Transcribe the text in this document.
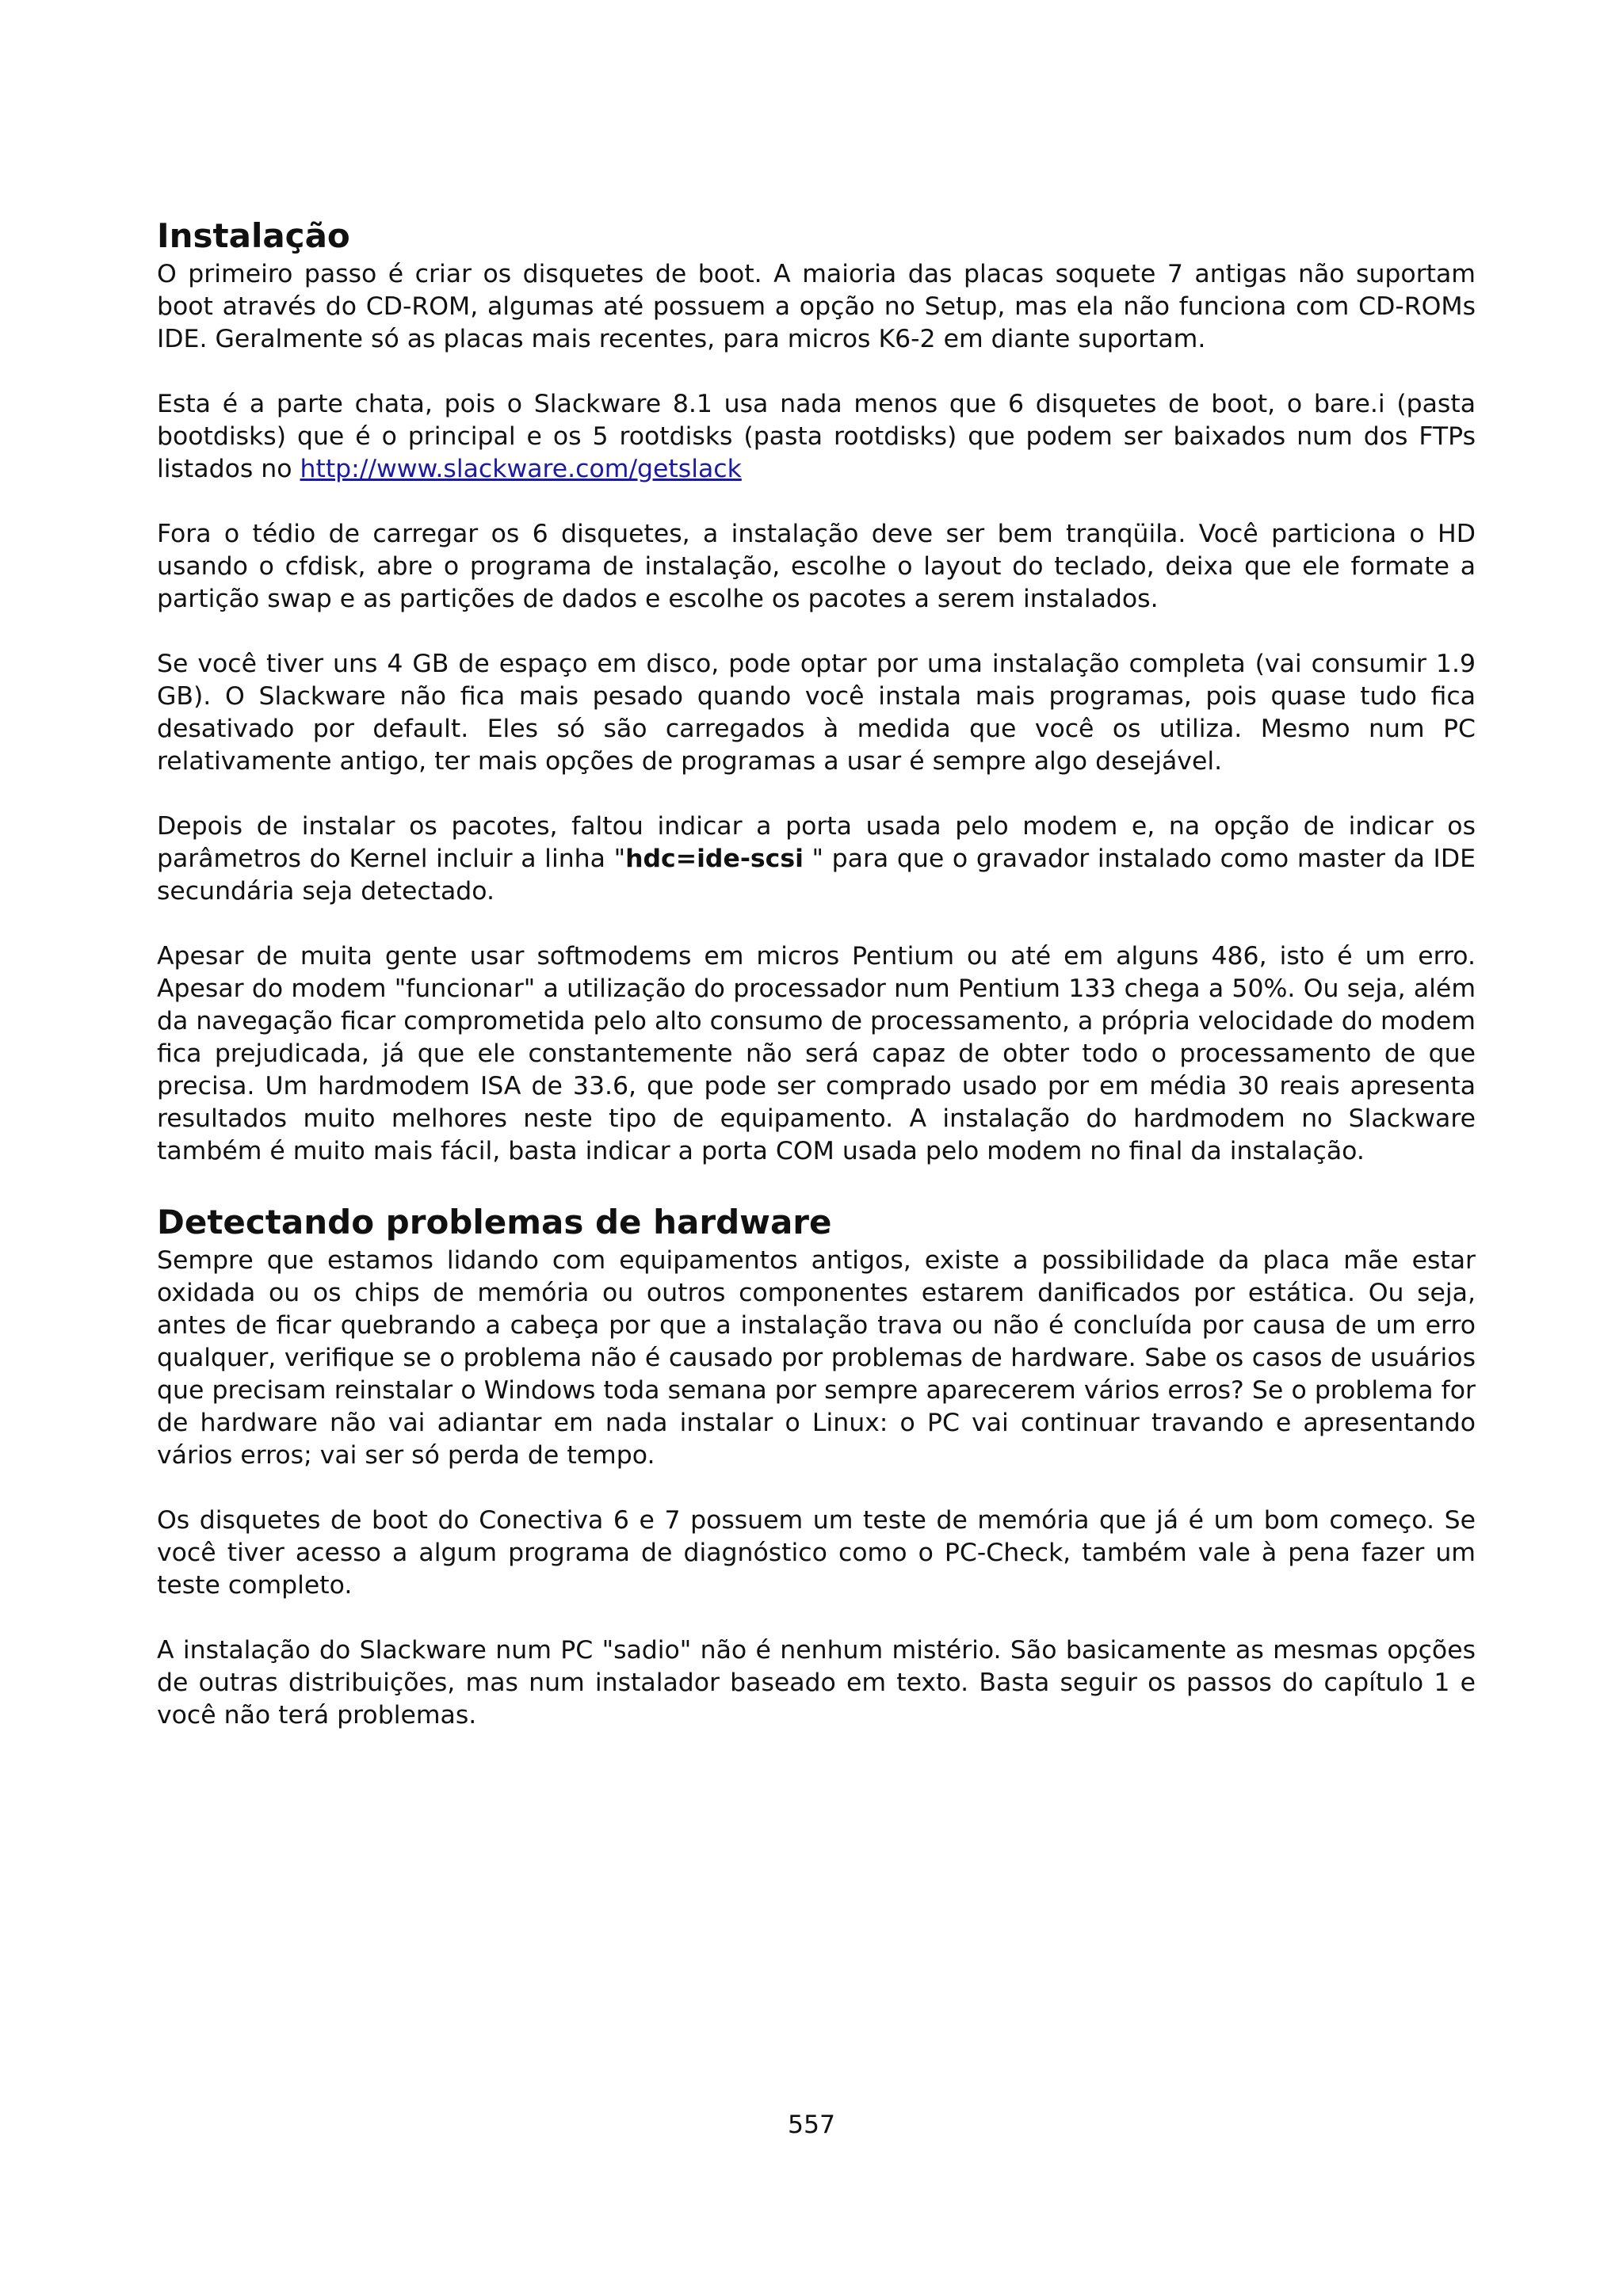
Instalação

O primeiro passo é criar os disquetes de boot. A maioria das placas soquete 7 antigas não suportam boot através do CD-ROM, algumas até possuem a opção no Setup, mas ela não funciona com CD-ROMs IDE. Geralmente só as placas mais recentes, para micros K6-2 em diante suportam.

Esta é a parte chata, pois o Slackware 8.1 usa nada menos que 6 disquetes de boot, o bare.i (pasta bootdisks) que é o principal e os 5 rootdisks (pasta rootdisks) que podem ser baixados num dos FTPs listados no http://www.slackware.com/getslack

Fora o tédio de carregar os 6 disquetes, a instalação deve ser bem tranqüila. Você particiona o HD usando o cfdisk, abre o programa de instalação, escolhe o layout do teclado, deixa que ele formate a partição swap e as partições de dados e escolhe os pacotes a serem instalados.

Se você tiver uns 4 GB de espaço em disco, pode optar por uma instalação completa (vai consumir 1.9 GB). O Slackware não fica mais pesado quando você instala mais programas, pois quase tudo fica desativado por default. Eles só são carregados à medida que você os utiliza. Mesmo num PC relativamente antigo, ter mais opções de programas a usar é sempre algo desejável.

Depois de instalar os pacotes, faltou indicar a porta usada pelo modem e, na opção de indicar os parâmetros do Kernel incluir a linha "hdc=ide-scsi " para que o gravador instalado como master da IDE secundária seja detectado.

Apesar de muita gente usar softmodems em micros Pentium ou até em alguns 486, isto é um erro. Apesar do modem "funcionar" a utilização do processador num Pentium 133 chega a 50%. Ou seja, além da navegação ficar comprometida pelo alto consumo de processamento, a própria velocidade do modem fica prejudicada, já que ele constantemente não será capaz de obter todo o processamento de que precisa. Um hardmodem ISA de 33.6, que pode ser comprado usado por em média 30 reais apresenta resultados muito melhores neste tipo de equipamento. A instalação do hardmodem no Slackware também é muito mais fácil, basta indicar a porta COM usada pelo modem no final da instalação.

Detectando problemas de hardware

Sempre que estamos lidando com equipamentos antigos, existe a possibilidade da placa mãe estar oxidada ou os chips de memória ou outros componentes estarem danificados por estática. Ou seja, antes de ficar quebrando a cabeça por que a instalação trava ou não é concluída por causa de um erro qualquer, verifique se o problema não é causado por problemas de hardware. Sabe os casos de usuários que precisam reinstalar o Windows toda semana por sempre aparecerem vários erros? Se o problema for de hardware não vai adiantar em nada instalar o Linux: o PC vai continuar travando e apresentando vários erros; vai ser só perda de tempo.

Os disquetes de boot do Conectiva 6 e 7 possuem um teste de memória que já é um bom começo. Se você tiver acesso a algum programa de diagnóstico como o PC-Check, também vale à pena fazer um teste completo.

A instalação do Slackware num PC "sadio" não é nenhum mistério. São basicamente as mesmas opções de outras distribuições, mas num instalador baseado em texto. Basta seguir os passos do capítulo 1 e você não terá problemas.

557
